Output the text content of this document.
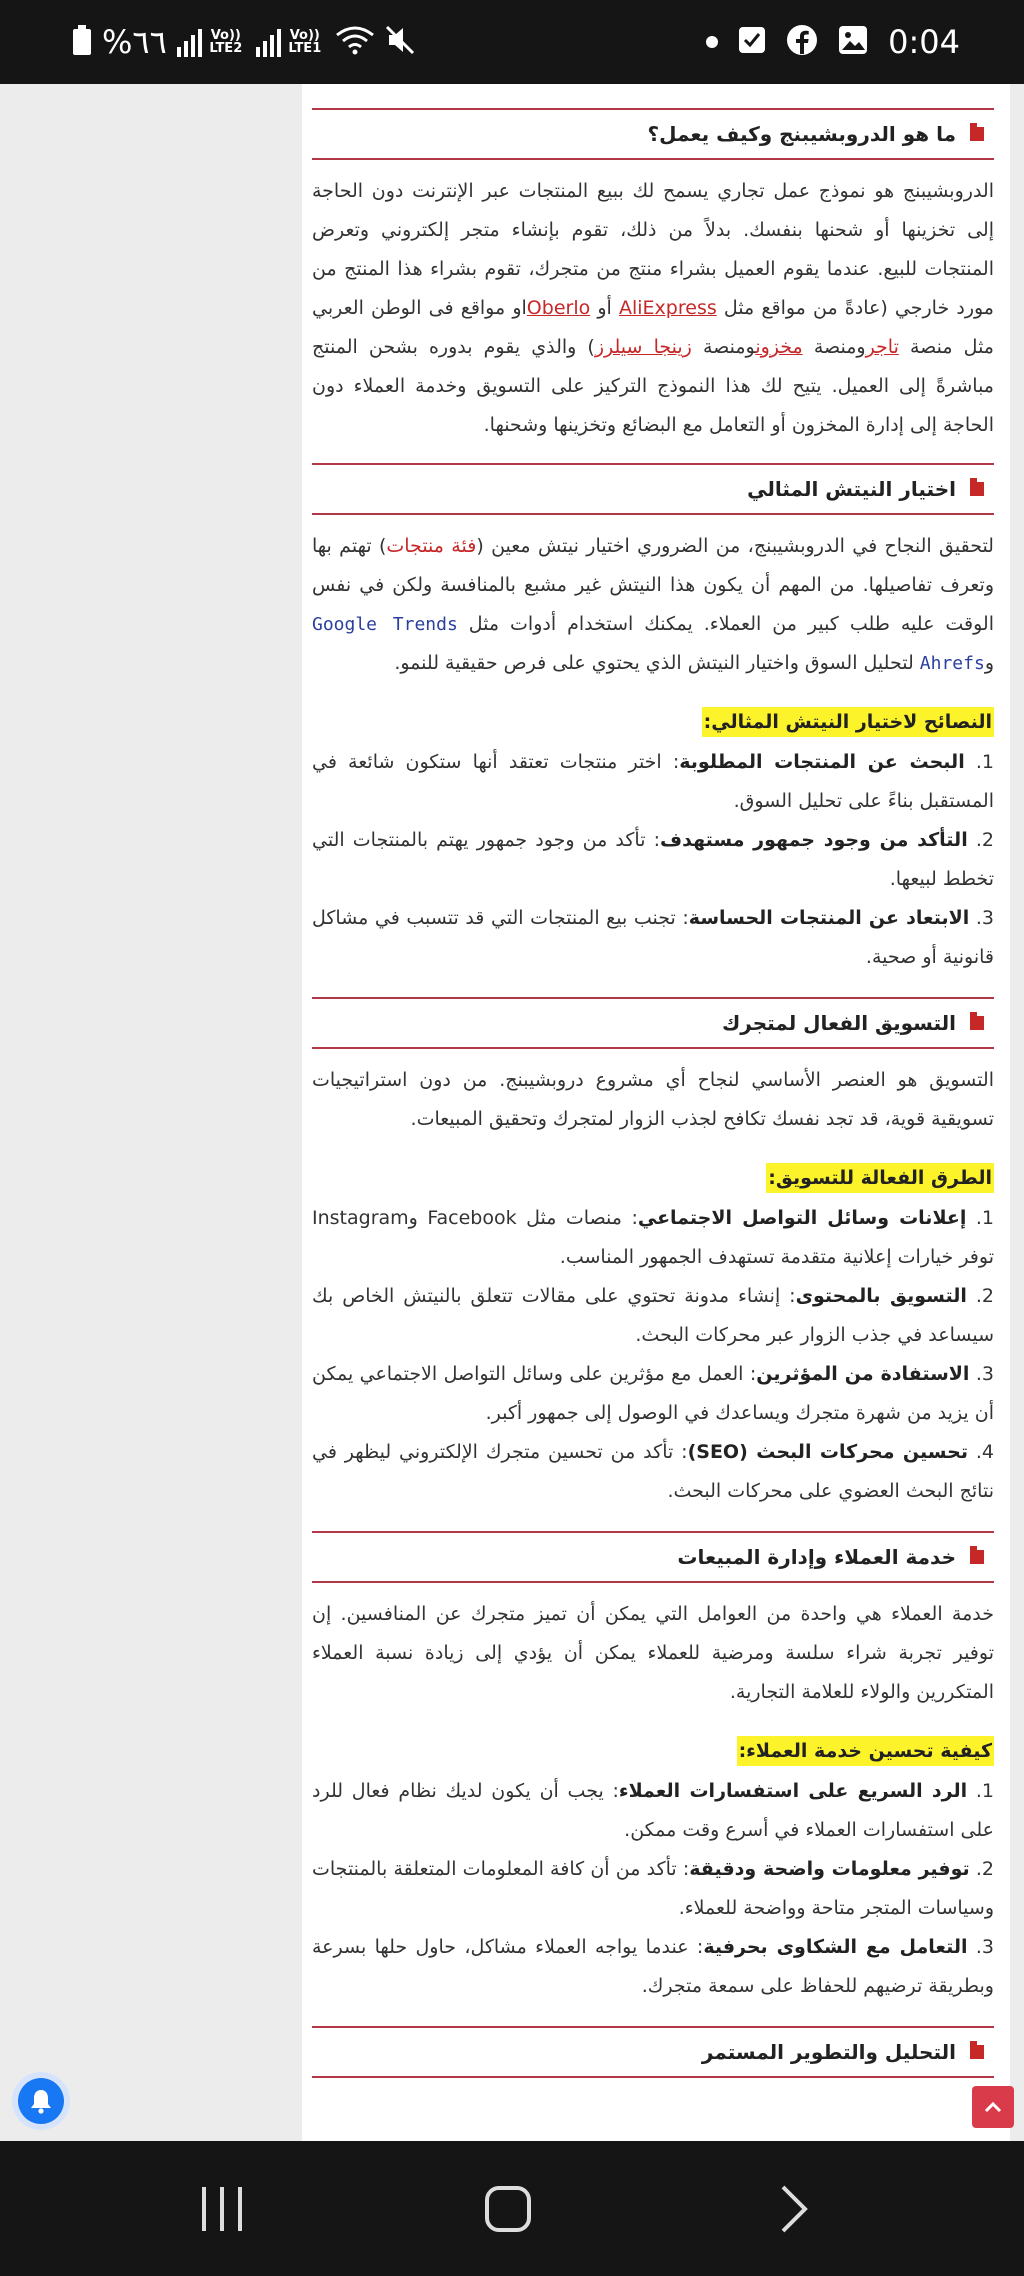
%٦٦	Vo)) LTE2
Vo)) LTE1	0:04
ما هو الدروبشيبنج وكيف يعمل؟

الدروبشيبنج هو نموذج عمل تجاري يسمح لك ببيع المنتجات عبر الإنترنت دون الحاجة إلى تخزينها أو شحنها بنفسك. بدلاً من ذلك، تقوم بإنشاء متجر إلكتروني وتعرض المنتجات للبيع. عندما يقوم العميل بشراء منتج من متجرك، تقوم بشراء هذا المنتج من مورد خارجي (عادةً من مواقع مثل AliExpress أو Oberloاو مواقع فى الوطن العربي مثل منصة تاجرومنصة مخزونومنصة زينجا سيلرز) والذي يقوم بدوره بشحن المنتج مباشرةً إلى العميل. يتيح لك هذا النموذج التركيز على التسويق وخدمة العملاء دون الحاجة إلى إدارة المخزون أو التعامل مع البضائع وتخزينها وشحنها.

اختيار النيتش المثالي

لتحقيق النجاح في الدروبشيبنج، من الضروري اختيار نيتش معين (فئة منتجات) تهتم بها وتعرف تفاصيلها. من المهم أن يكون هذا النيتش غير مشبع بالمنافسة ولكن في نفس الوقت عليه طلب كبير من العملاء. يمكنك استخدام أدوات مثل Google Trends وAhrefs لتحليل السوق واختيار النيتش الذي يحتوي على فرص حقيقية للنمو.

النصائح لاختيار النيتش المثالي:
1. البحث عن المنتجات المطلوبة: اختر منتجات تعتقد أنها ستكون شائعة في المستقبل بناءً على تحليل السوق.
2. التأكد من وجود جمهور مستهدف: تأكد من وجود جمهور يهتم بالمنتجات التي تخطط لبيعها.
3. الابتعاد عن المنتجات الحساسة: تجنب بيع المنتجات التي قد تتسبب في مشاكل قانونية أو صحية.
التسويق الفعال لمتجرك

التسويق هو العنصر الأساسي لنجاح أي مشروع دروبشيبنج. من دون استراتيجيات تسويقية قوية، قد تجد نفسك تكافح لجذب الزوار لمتجرك وتحقيق المبيعات.

الطرق الفعالة للتسويق:
1. إعلانات وسائل التواصل الاجتماعي: منصات مثل Facebook وInstagram توفر خيارات إعلانية متقدمة تستهدف الجمهور المناسب.
2. التسويق بالمحتوى: إنشاء مدونة تحتوي على مقالات تتعلق بالنيتش الخاص بك سيساعد في جذب الزوار عبر محركات البحث.
3. الاستفادة من المؤثرين: العمل مع مؤثرين على وسائل التواصل الاجتماعي يمكن أن يزيد من شهرة متجرك ويساعدك في الوصول إلى جمهور أكبر.
4. تحسين محركات البحث (SEO): تأكد من تحسين متجرك الإلكتروني ليظهر في نتائج البحث العضوي على محركات البحث.
خدمة العملاء وإدارة المبيعات

خدمة العملاء هي واحدة من العوامل التي يمكن أن تميز متجرك عن المنافسين. إن توفير تجربة شراء سلسة ومرضية للعملاء يمكن أن يؤدي إلى زيادة نسبة العملاء المتكررين والولاء للعلامة التجارية.

كيفية تحسين خدمة العملاء:
1. الرد السريع على استفسارات العملاء: يجب أن يكون لديك نظام فعال للرد على استفسارات العملاء في أسرع وقت ممكن.
2. توفير معلومات واضحة ودقيقة: تأكد من أن كافة المعلومات المتعلقة بالمنتجات وسياسات المتجر متاحة وواضحة للعملاء.
3. التعامل مع الشكاوى بحرفية: عندما يواجه العملاء مشاكل، حاول حلها بسرعة وبطريقة ترضيهم للحفاظ على سمعة متجرك.
التحليل والتطوير المستمر
